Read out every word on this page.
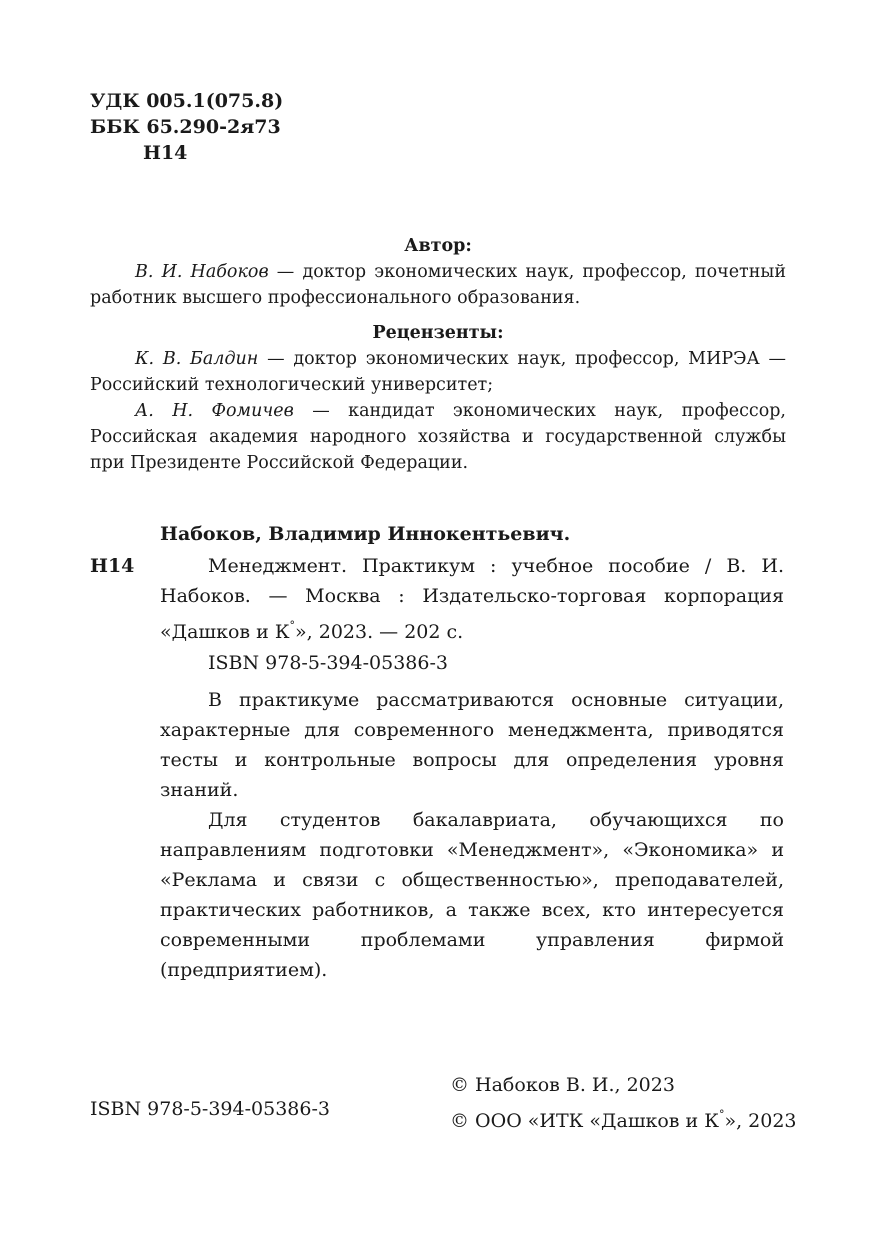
УДК 005.1(075.8)
ББК 65.290-2я73
Н14
Автор:
В. И. Набоков — доктор экономических наук, профессор, почетный работник высшего профессионального образования.
Рецензенты:
К. В. Балдин — доктор экономических наук, профессор, МИРЭА — Российский технологический университет;
А. Н. Фомичев — кандидат экономических наук, профессор, Российская академия народного хозяйства и государственной службы при Президенте Российской Федерации.
Набоков, Владимир Иннокентьевич.
Н14	Менеджмент. Практикум : учебное пособие / В. И. Набоков. — Москва : Издательско-торговая корпорация «Дашков и К°», 2023. — 202 с.

ISBN 978-5-394-05386-3

В практикуме рассматриваются основные ситуации, характерные для современного менеджмента, приводятся тесты и контрольные вопросы для определения уровня знаний.

Для студентов бакалавриата, обучающихся по направлениям подготовки «Менеджмент», «Экономика» и «Реклама и связи с общественностью», преподавателей, практических работников, а также всех, кто интересуется современными проблемами управления фирмой (предприятием).

ISBN 978-5-394-05386-3
© Набоков В. И., 2023
© ООО «ИТК «Дашков и К°», 2023
